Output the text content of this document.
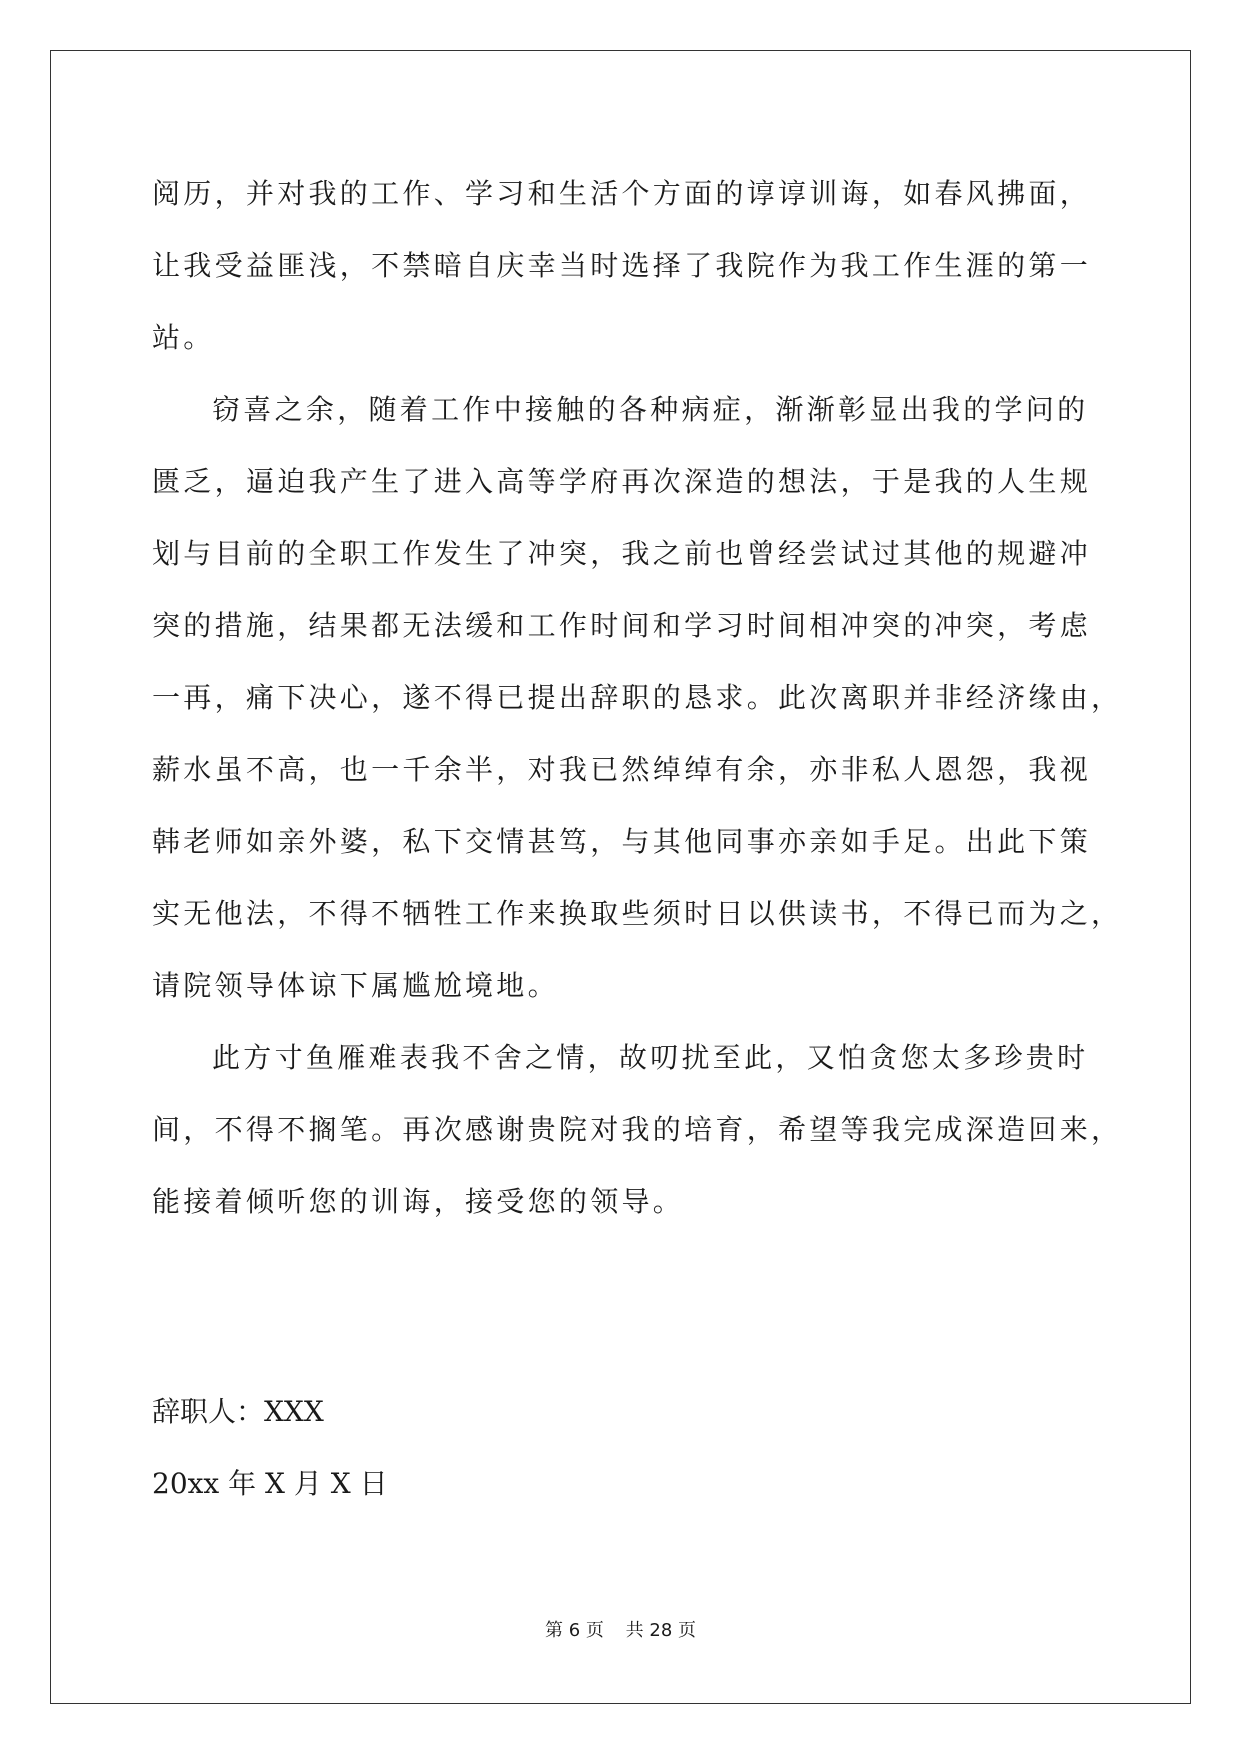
阅历，并对我的工作、学习和生活个方面的谆谆训诲，如春风拂面，
让我受益匪浅，不禁暗自庆幸当时选择了我院作为我工作生涯的第一
站。
窃喜之余，随着工作中接触的各种病症，渐渐彰显出我的学问的
匮乏，逼迫我产生了进入高等学府再次深造的想法，于是我的人生规
划与目前的全职工作发生了冲突，我之前也曾经尝试过其他的规避冲
突的措施，结果都无法缓和工作时间和学习时间相冲突的冲突，考虑
一再，痛下决心，遂不得已提出辞职的恳求。此次离职并非经济缘由，
薪水虽不高，也一千余半，对我已然绰绰有余，亦非私人恩怨，我视
韩老师如亲外婆，私下交情甚笃，与其他同事亦亲如手足。出此下策
实无他法，不得不牺牲工作来换取些须时日以供读书，不得已而为之，
请院领导体谅下属尴尬境地。
此方寸鱼雁难表我不舍之情，故叨扰至此，又怕贪您太多珍贵时
间，不得不搁笔。再次感谢贵院对我的培育，希望等我完成深造回来，
能接着倾听您的训诲，接受您的领导。
辞职人：XXX
20xx 年 X 月 X 日
第 6 页 共 28 页
